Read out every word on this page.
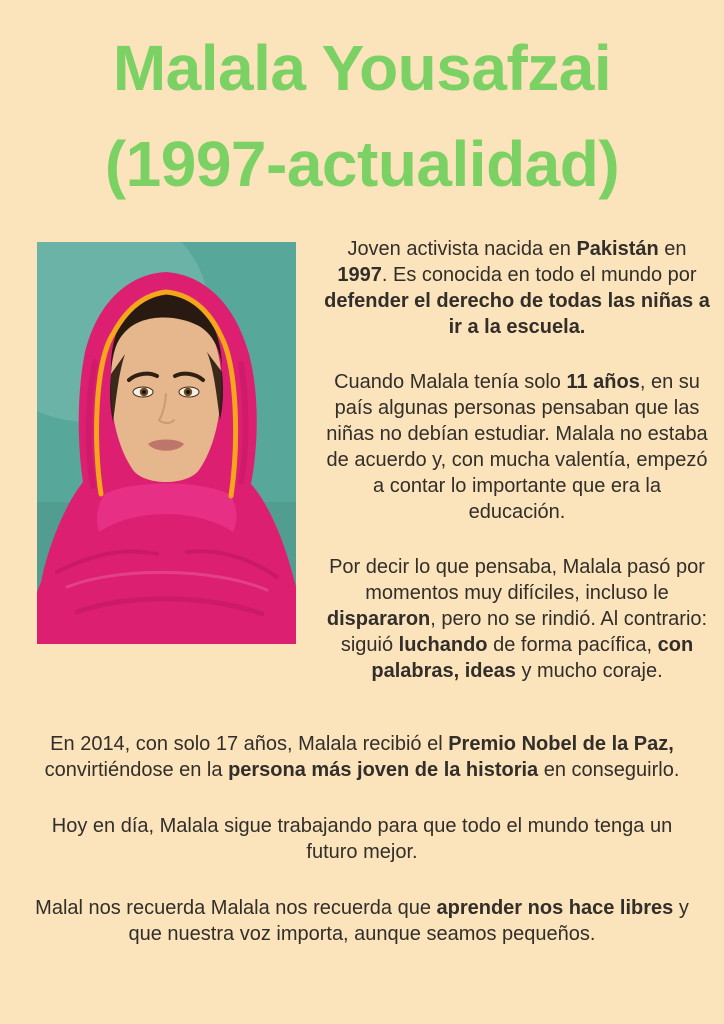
Malala Yousafzai
(1997-actualidad)

Joven activista nacida en Pakistán en 1997. Es conocida en todo el mundo por defender el derecho de todas las niñas a ir a la escuela.

Cuando Malala tenía solo 11 años, en su país algunas personas pensaban que las niñas no debían estudiar. Malala no estaba de acuerdo y, con mucha valentía, empezó a contar lo importante que era la educación.

Por decir lo que pensaba, Malala pasó por momentos muy difíciles, incluso le dispararon, pero no se rindió. Al contrario: siguió luchando de forma pacífica, con palabras, ideas y mucho coraje.

En 2014, con solo 17 años, Malala recibió el Premio Nobel de la Paz, convirtiéndose en la persona más joven de la historia en conseguirlo.

Hoy en día, Malala sigue trabajando para que todo el mundo tenga un futuro mejor.

Malal nos recuerda Malala nos recuerda que aprender nos hace libres y que nuestra voz importa, aunque seamos pequeños.
